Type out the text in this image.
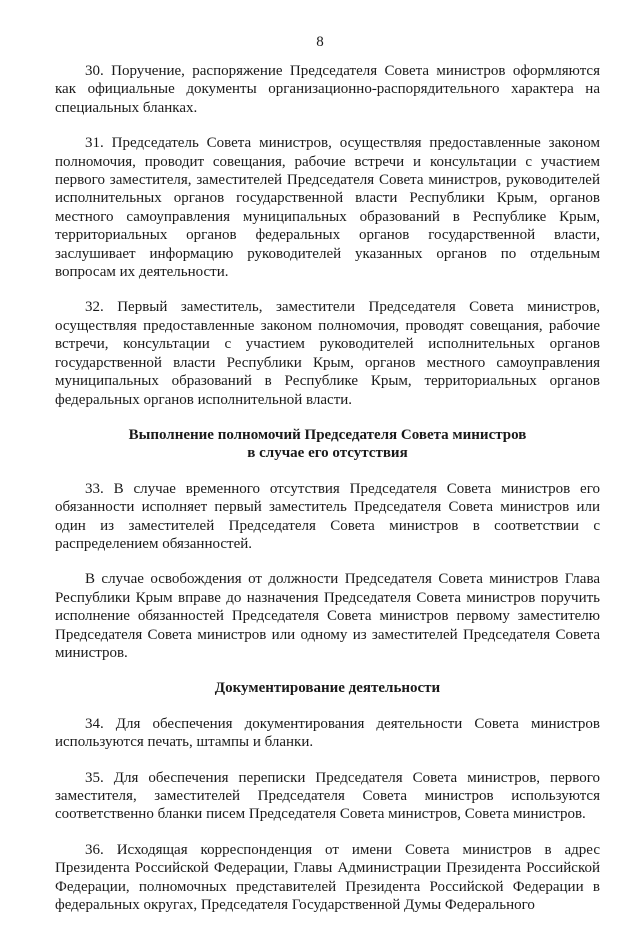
8

30. Поручение, распоряжение Председателя Совета министров оформляются как официальные документы организационно-распорядительного характера на специальных бланках.

31. Председатель Совета министров, осуществляя предоставленные законом полномочия, проводит совещания, рабочие встречи и консультации с участием первого заместителя, заместителей Председателя Совета министров, руководителей исполнительных органов государственной власти Республики Крым, органов местного самоуправления муниципальных образований в Республике Крым, территориальных органов федеральных органов государственной власти, заслушивает информацию руководителей указанных органов по отдельным вопросам их деятельности.

32. Первый заместитель, заместители Председателя Совета министров, осуществляя предоставленные законом полномочия, проводят совещания, рабочие встречи, консультации с участием руководителей исполнительных органов государственной власти Республики Крым, органов местного самоуправления муниципальных образований в Республике Крым, территориальных органов федеральных органов исполнительной власти.

Выполнение полномочий Председателя Совета министров
в случае его отсутствия

33. В случае временного отсутствия Председателя Совета министров его обязанности исполняет первый заместитель Председателя Совета министров или один из заместителей Председателя Совета министров в соответствии с распределением обязанностей.

В случае освобождения от должности Председателя Совета министров Глава Республики Крым вправе до назначения Председателя Совета министров поручить исполнение обязанностей Председателя Совета министров первому заместителю Председателя Совета министров или одному из заместителей Председателя Совета министров.

Документирование деятельности

34. Для обеспечения документирования деятельности Совета министров используются печать, штампы и бланки.

35. Для обеспечения переписки Председателя Совета министров, первого заместителя, заместителей Председателя Совета министров используются соответственно бланки писем Председателя Совета министров, Совета министров.

36. Исходящая корреспонденция от имени Совета министров в адрес Президента Российской Федерации, Главы Администрации Президента Российской Федерации, полномочных представителей Президента Российской Федерации в федеральных округах, Председателя Государственной Думы Федерального
